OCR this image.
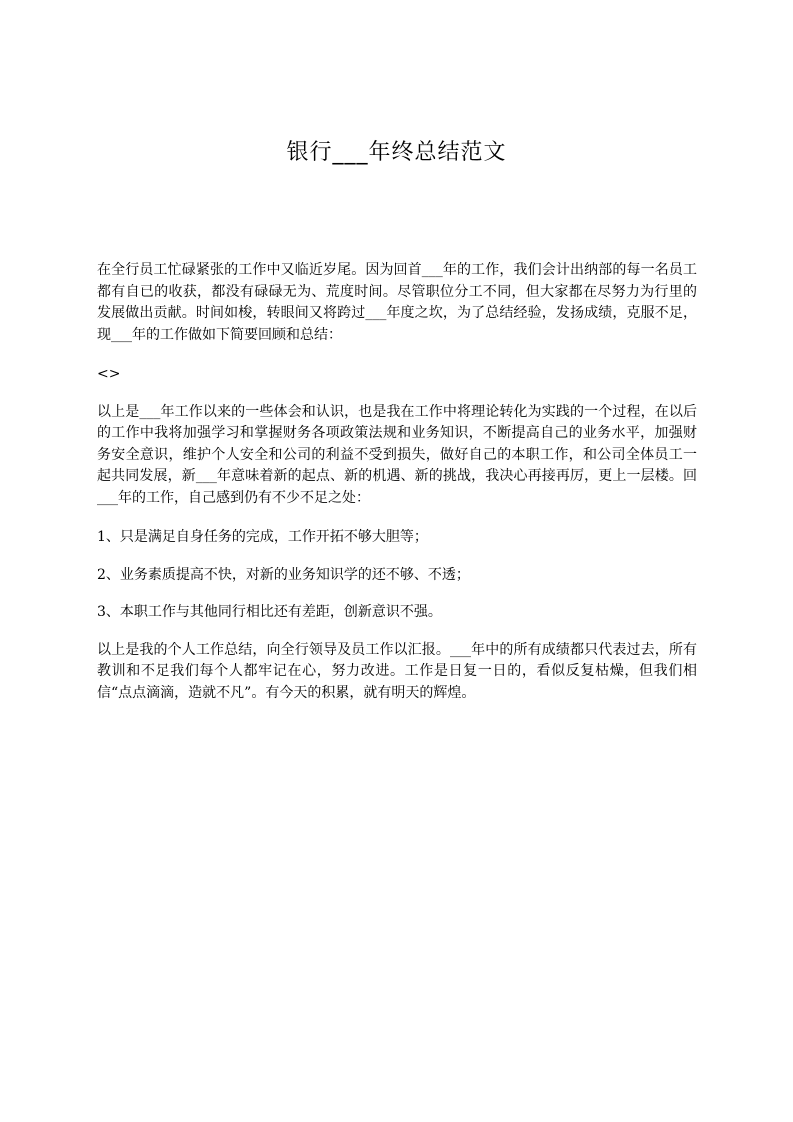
银行___年终总结范文

在全行员工忙碌紧张的工作中又临近岁尾。因为回首___年的工作，我们会计出纳部的每一名员工都有自已的收获，都没有碌碌无为、荒度时间。尽管职位分工不同，但大家都在尽努力为行里的发展做出贡献。时间如梭，转眼间又将跨过___年度之坎，为了总结经验，发扬成绩，克服不足，现___年的工作做如下简要回顾和总结：

<>

以上是___年工作以来的一些体会和认识，也是我在工作中将理论转化为实践的一个过程，在以后的工作中我将加强学习和掌握财务各项政策法规和业务知识，不断提高自己的业务水平，加强财务安全意识，维护个人安全和公司的利益不受到损失，做好自己的本职工作，和公司全体员工一起共同发展，新___年意味着新的起点、新的机遇、新的挑战，我决心再接再厉，更上一层楼。回___年的工作，自己感到仍有不少不足之处：

1、只是满足自身任务的完成，工作开拓不够大胆等；

2、业务素质提高不快，对新的业务知识学的还不够、不透；

3、本职工作与其他同行相比还有差距，创新意识不强。

以上是我的个人工作总结，向全行领导及员工作以汇报。___年中的所有成绩都只代表过去，所有教训和不足我们每个人都牢记在心，努力改进。工作是日复一日的，看似反复枯燥，但我们相信“点点滴滴，造就不凡”。有今天的积累，就有明天的辉煌。
